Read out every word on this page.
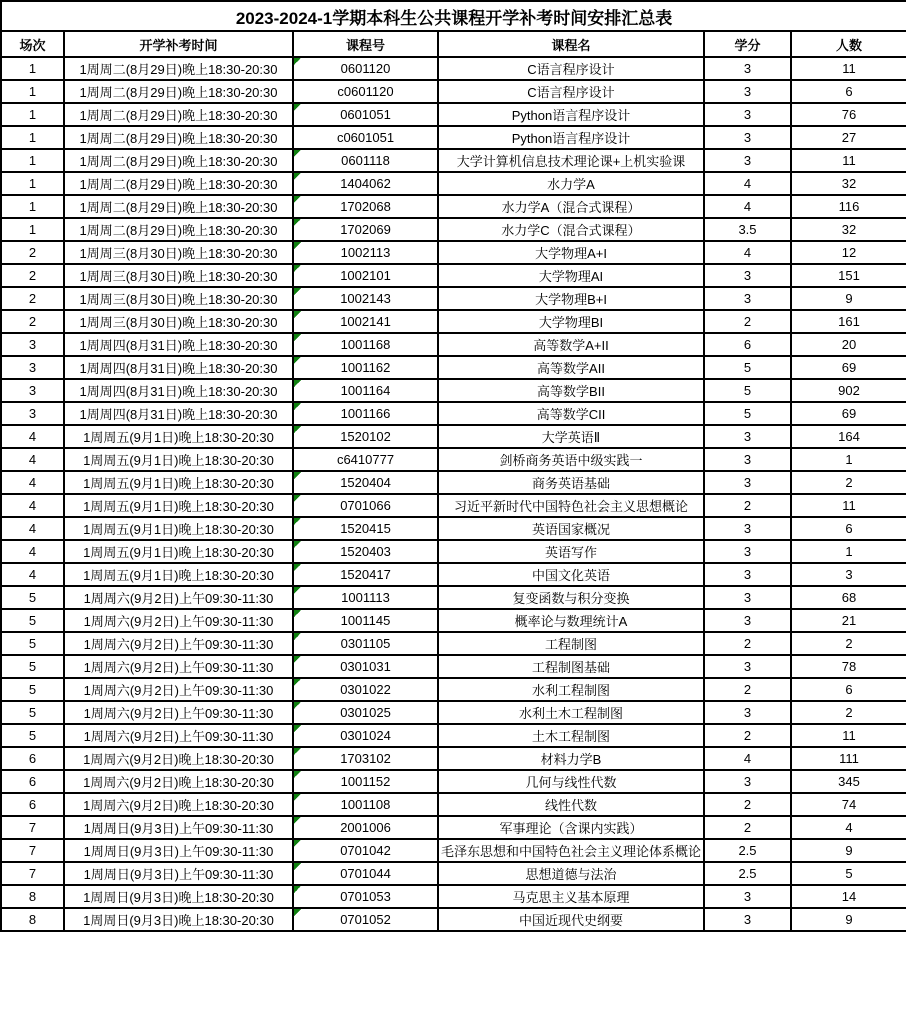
2023-2024-1学期本科生公共课程开学补考时间安排汇总表					
场次	开学补考时间	课程号	课程名	学分	人数
1	1周周二(8月29日)晚上18:30-20:30	0601120	C语言程序设计	3	11
1	1周周二(8月29日)晚上18:30-20:30	c0601120	C语言程序设计	3	6
1	1周周二(8月29日)晚上18:30-20:30	0601051	Python语言程序设计	3	76
1	1周周二(8月29日)晚上18:30-20:30	c0601051	Python语言程序设计	3	27
1	1周周二(8月29日)晚上18:30-20:30	0601118	大学计算机信息技术理论课+上机实验课	3	11
1	1周周二(8月29日)晚上18:30-20:30	1404062	水力学A	4	32
1	1周周二(8月29日)晚上18:30-20:30	1702068	水力学A（混合式课程）	4	116
1	1周周二(8月29日)晚上18:30-20:30	1702069	水力学C（混合式课程）	3.5	32
2	1周周三(8月30日)晚上18:30-20:30	1002113	大学物理A+I	4	12
2	1周周三(8月30日)晚上18:30-20:30	1002101	大学物理AI	3	151
2	1周周三(8月30日)晚上18:30-20:30	1002143	大学物理B+I	3	9
2	1周周三(8月30日)晚上18:30-20:30	1002141	大学物理BI	2	161
3	1周周四(8月31日)晚上18:30-20:30	1001168	高等数学A+II	6	20
3	1周周四(8月31日)晚上18:30-20:30	1001162	高等数学AII	5	69
3	1周周四(8月31日)晚上18:30-20:30	1001164	高等数学BII	5	902
3	1周周四(8月31日)晚上18:30-20:30	1001166	高等数学CII	5	69
4	1周周五(9月1日)晚上18:30-20:30	1520102	大学英语Ⅱ	3	164
4	1周周五(9月1日)晚上18:30-20:30	c6410777	剑桥商务英语中级实践一	3	1
4	1周周五(9月1日)晚上18:30-20:30	1520404	商务英语基础	3	2
4	1周周五(9月1日)晚上18:30-20:30	0701066	习近平新时代中国特色社会主义思想概论	2	11
4	1周周五(9月1日)晚上18:30-20:30	1520415	英语国家概况	3	6
4	1周周五(9月1日)晚上18:30-20:30	1520403	英语写作	3	1
4	1周周五(9月1日)晚上18:30-20:30	1520417	中国文化英语	3	3
5	1周周六(9月2日)上午09:30-11:30	1001113	复变函数与积分变换	3	68
5	1周周六(9月2日)上午09:30-11:30	1001145	概率论与数理统计A	3	21
5	1周周六(9月2日)上午09:30-11:30	0301105	工程制图	2	2
5	1周周六(9月2日)上午09:30-11:30	0301031	工程制图基础	3	78
5	1周周六(9月2日)上午09:30-11:30	0301022	水利工程制图	2	6
5	1周周六(9月2日)上午09:30-11:30	0301025	水利土木工程制图	3	2
5	1周周六(9月2日)上午09:30-11:30	0301024	土木工程制图	2	11
6	1周周六(9月2日)晚上18:30-20:30	1703102	材料力学B	4	111
6	1周周六(9月2日)晚上18:30-20:30	1001152	几何与线性代数	3	345
6	1周周六(9月2日)晚上18:30-20:30	1001108	线性代数	2	74
7	1周周日(9月3日)上午09:30-11:30	2001006	军事理论（含课内实践）	2	4
7	1周周日(9月3日)上午09:30-11:30	0701042	毛泽东思想和中国特色社会主义理论体系概论	2.5	9
7	1周周日(9月3日)上午09:30-11:30	0701044	思想道德与法治	2.5	5
8	1周周日(9月3日)晚上18:30-20:30	0701053	马克思主义基本原理	3	14
8	1周周日(9月3日)晚上18:30-20:30	0701052	中国近现代史纲要	3	9
